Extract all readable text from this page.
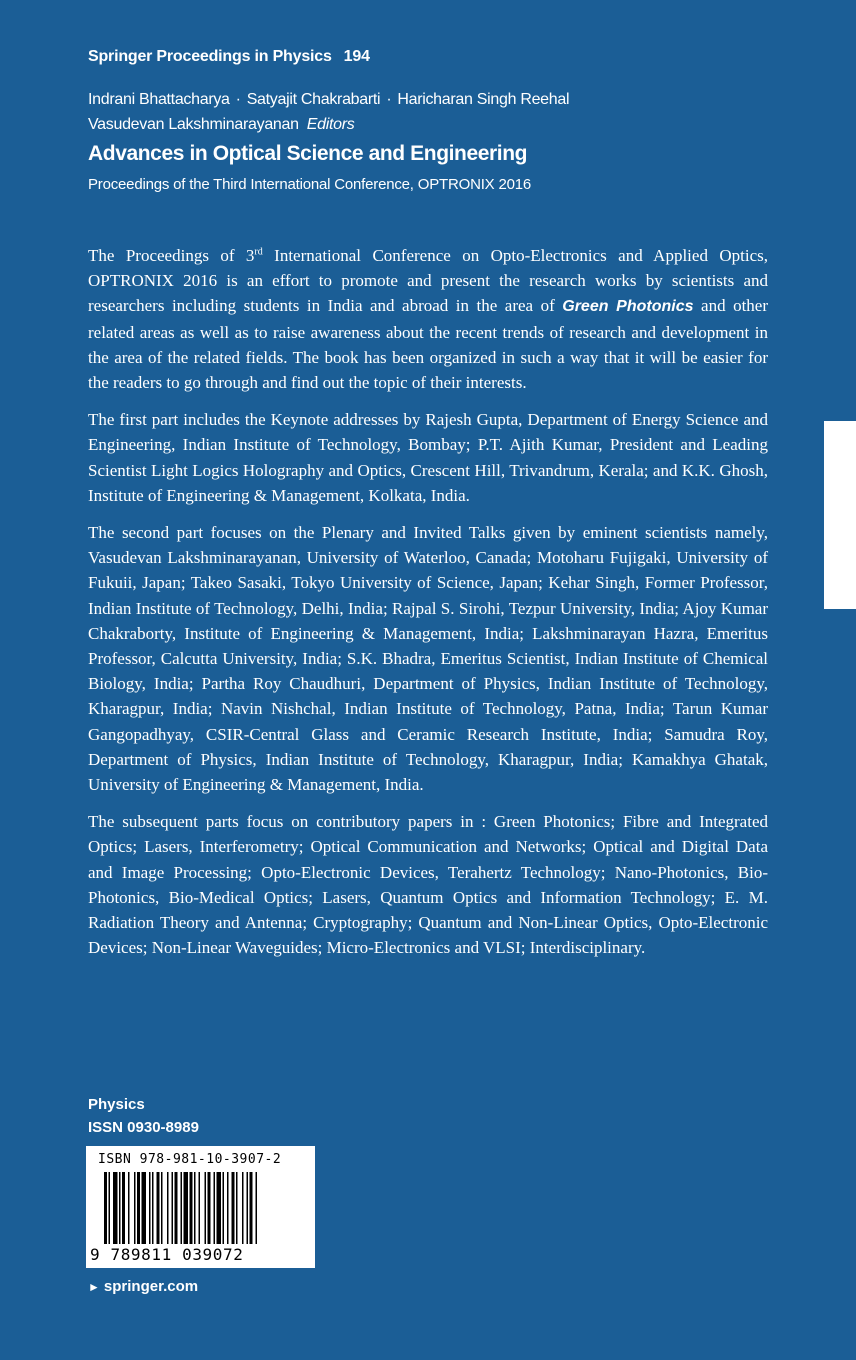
Springer Proceedings in Physics 194
Indrani Bhattacharya · Satyajit Chakrabarti · Haricharan Singh Reehal
Vasudevan Lakshminarayanan Editors
Advances in Optical Science and Engineering
Proceedings of the Third International Conference, OPTRONIX 2016

The Proceedings of 3rd International Conference on Opto-Electronics and Applied Optics, OPTRONIX 2016 is an effort to promote and present the research works by scientists and researchers including students in India and abroad in the area of Green Photonics and other related areas as well as to raise awareness about the recent trends of research and development in the area of the related fields. The book has been organized in such a way that it will be easier for the readers to go through and find out the topic of their interests.

The first part includes the Keynote addresses by Rajesh Gupta, Department of Energy Science and Engineering, Indian Institute of Technology, Bombay; P.T. Ajith Kumar, President and Leading Scientist Light Logics Holography and Optics, Crescent Hill, Trivandrum, Kerala; and K.K. Ghosh, Institute of Engineering & Management, Kolkata, India.

The second part focuses on the Plenary and Invited Talks given by eminent scientists namely, Vasudevan Lakshminarayanan, University of Waterloo, Canada; Motoharu Fujigaki, University of Fukuii, Japan; Takeo Sasaki, Tokyo University of Science, Japan; Kehar Singh, Former Professor, Indian Institute of Technology, Delhi, India; Rajpal S. Sirohi, Tezpur University, India; Ajoy Kumar Chakraborty, Institute of Engineering & Management, India; Lakshminarayan Hazra, Emeritus Professor, Calcutta University, India; S.K. Bhadra, Emeritus Scientist, Indian Institute of Chemical Biology, India; Partha Roy Chaudhuri, Department of Physics, Indian Institute of Technology, Kharagpur, India; Navin Nishchal, Indian Institute of Technology, Patna, India; Tarun Kumar Gangopadhyay, CSIR-Central Glass and Ceramic Research Institute, India; Samudra Roy, Department of Physics, Indian Institute of Technology, Kharagpur, India; Kamakhya Ghatak, University of Engineering & Management, India.

The subsequent parts focus on contributory papers in : Green Photonics; Fibre and Integrated Optics; Lasers, Interferometry; Optical Communication and Networks; Optical and Digital Data and Image Processing; Opto-Electronic Devices, Terahertz Technology; Nano-Photonics, Bio-Photonics, Bio-Medical Optics; Lasers, Quantum Optics and Information Technology; E. M. Radiation Theory and Antenna; Cryptography; Quantum and Non-Linear Optics, Opto-Electronic Devices; Non-Linear Waveguides; Micro-Electronics and VLSI; Interdisciplinary.

Physics
ISSN 0930-8989
ISBN 978-981-10-3907-2
9 789811 039072
► springer.com
